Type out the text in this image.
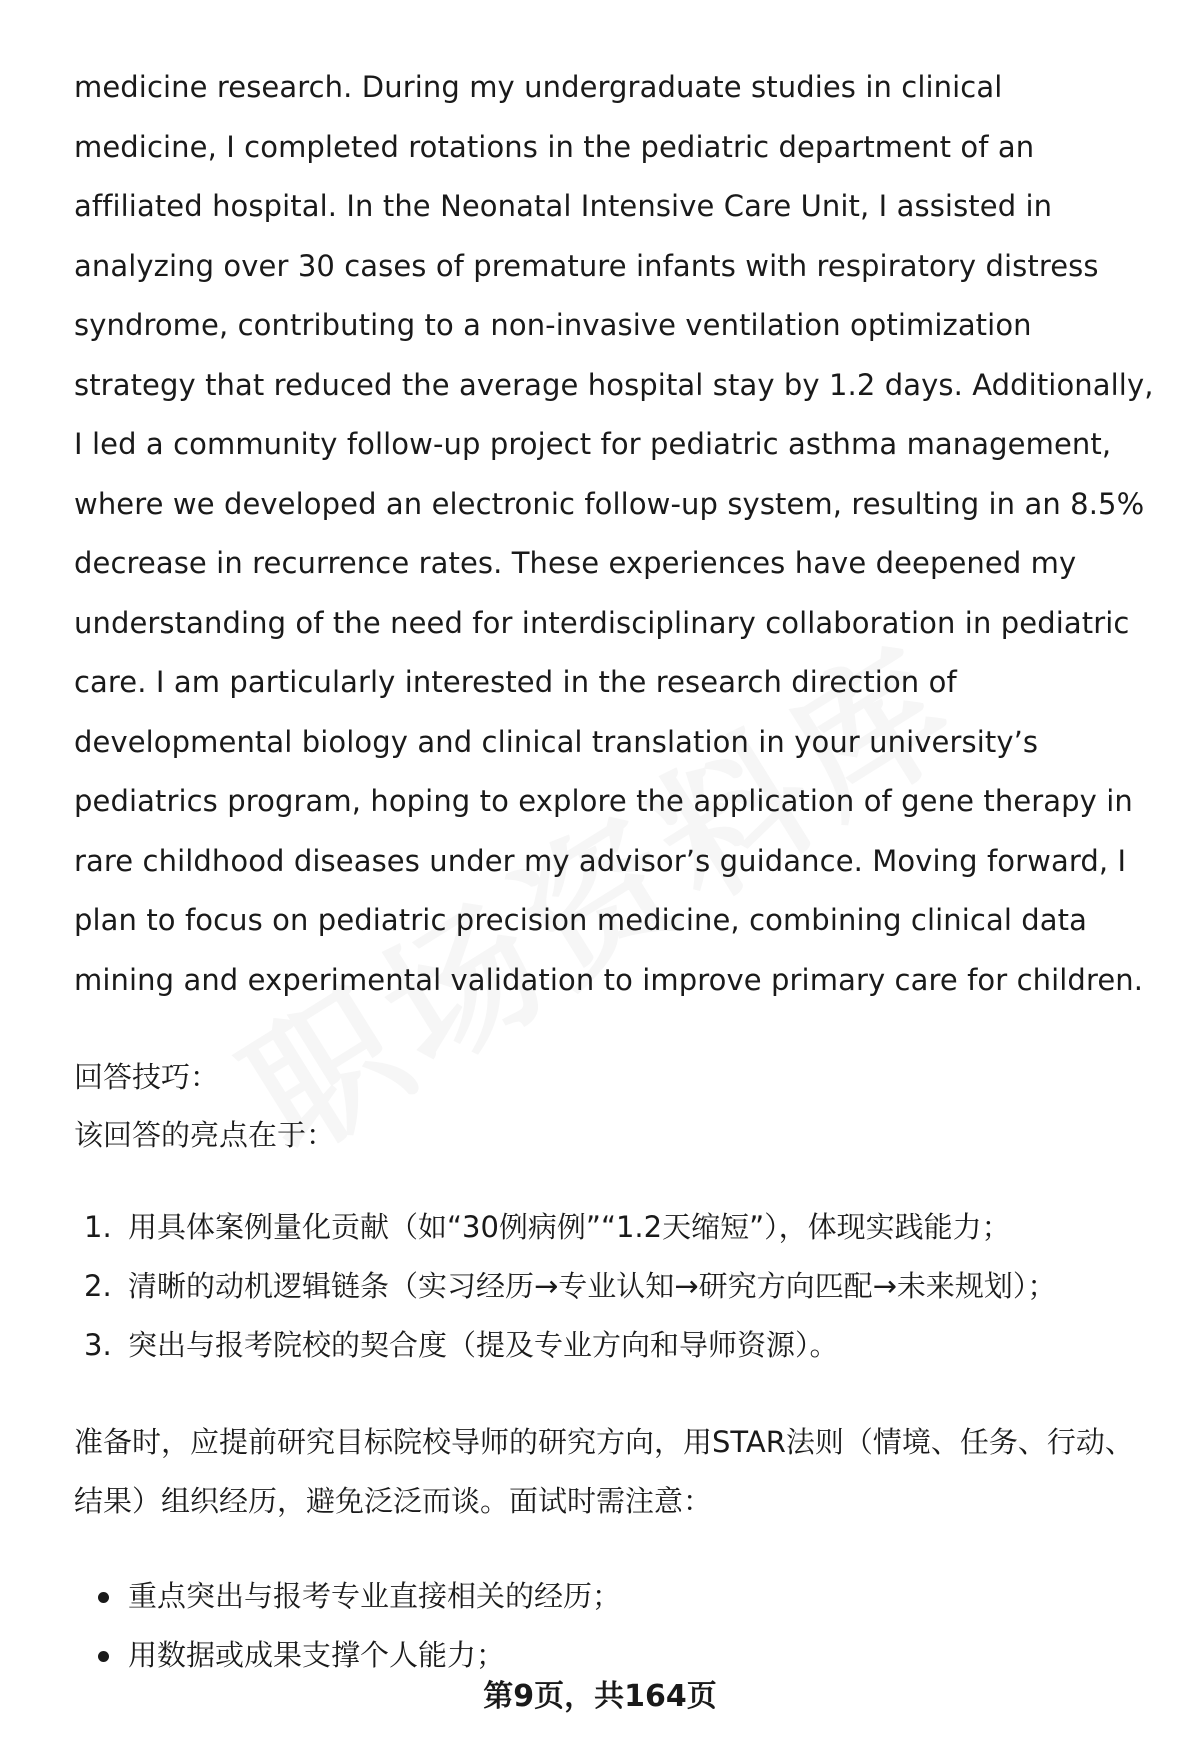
medicine research. During my undergraduate studies in clinical medicine, I completed rotations in the pediatric department of an affiliated hospital. In the Neonatal Intensive Care Unit, I assisted in analyzing over 30 cases of premature infants with respiratory distress syndrome, contributing to a non-invasive ventilation optimization strategy that reduced the average hospital stay by 1.2 days. Additionally, I led a community follow-up project for pediatric asthma management, where we developed an electronic follow-up system, resulting in an 8.5% decrease in recurrence rates. These experiences have deepened my understanding of the need for interdisciplinary collaboration in pediatric care. I am particularly interested in the research direction of developmental biology and clinical translation in your university’s pediatrics program, hoping to explore the application of gene therapy in rare childhood diseases under my advisor’s guidance. Moving forward, I plan to focus on pediatric precision medicine, combining clinical data mining and experimental validation to improve primary care for children.

回答技巧：

该回答的亮点在于：

1. 用具体案例量化贡献（如“30例病例”“1.2天缩短”），体现实践能力；
2. 清晰的动机逻辑链条（实习经历→专业认知→研究方向匹配→未来规划）；
3. 突出与报考院校的契合度（提及专业方向和导师资源）。

准备时，应提前研究目标院校导师的研究方向，用STAR法则（情境、任务、行动、结果）组织经历，避免泛泛而谈。面试时需注意：

重点突出与报考专业直接相关的经历；
用数据或成果支撑个人能力；
第9页，共164页
